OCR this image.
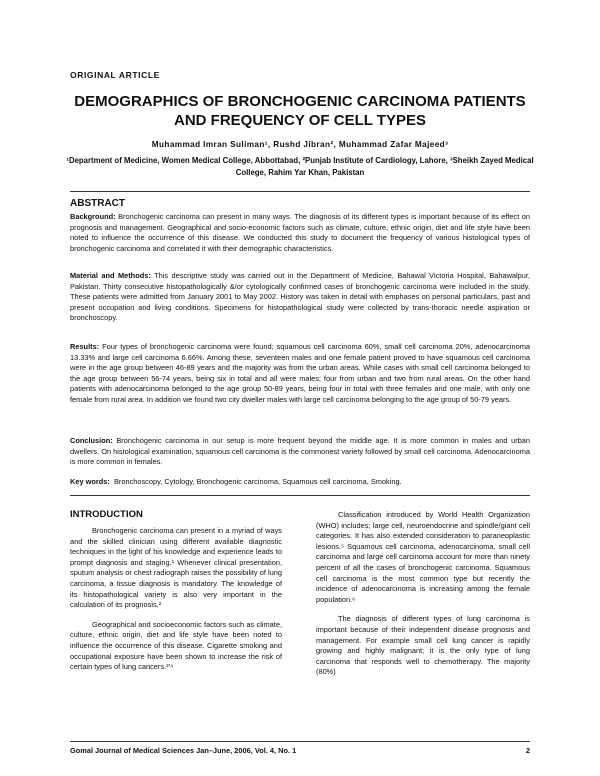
ORIGINAL ARTICLE
DEMOGRAPHICS OF BRONCHOGENIC CARCINOMA PATIENTS AND FREQUENCY OF CELL TYPES
Muhammad Imran Suliman¹, Rushd Jibran², Muhammad Zafar Majeed³
¹Department of Medicine, Women Medical College, Abbottabad, ²Punjab Institute of Cardiology, Lahore, ³Sheikh Zayed Medical College, Rahim Yar Khan, Pakistan
ABSTRACT
Background: Bronchogenic carcinoma can present in many ways. The diagnosis of its different types is important because of its effect on prognosis and management. Geographical and socio-economic factors such as climate, culture, ethnic origin, diet and life style have been noted to influence the occurrence of this disease. We conducted this study to document the frequency of various histological types of bronchogenic carcinoma and correlated it with their demographic characteristics.
Material and Methods: This descriptive study was carried out in the Department of Medicine, Bahawal Victoria Hospital, Bahawalpur, Pakistan. Thirty consecutive histopathologically &/or cytologically confirmed cases of bronchogenic carcinoma were included in the study. These patients were admitted from January 2001 to May 2002. History was taken in detail with emphases on personal particulars, past and present occupation and living conditions. Specimens for histopathological study were collected by trans-thoracic needle aspiration or bronchoscopy.
Results: Four types of bronchogenic carcinoma were found; squamous cell carcinoma 60%, small cell carcinoma 20%, adenocarcinoma 13.33% and large cell carcinoma 6.66%. Among these, seventeen males and one female patient proved to have squamous cell carcinoma were in the age group between 46-89 years and the majority was from the urban areas. While cases with small cell carcinoma belonged to the age group between 56-74 years, being six in total and all were males; four from urban and two from rural areas. On the other hand patients with adenocarcinoma belonged to the age group 50-89 years, being four in total with three females and one male, with only one female from rural area. In addition we found two city dweller males with large cell carcinoma belonging to the age group of 50-79 years.
Conclusion: Bronchogenic carcinoma in our setup is more frequent beyond the middle age. It is more common in males and urban dwellers. On histological examination, squamous cell carcinoma is the commonest variety followed by small cell carcinoma. Adenocarcinoma is more common in females.
Key words: Bronchoscopy, Cytology, Bronchogenic carcinoma, Squamous cell carcinoma, Smoking.
INTRODUCTION

Bronchogenic carcinoma can present in a myriad of ways and the skilled clinician using different available diagnostic techniques in the light of his knowledge and experience leads to prompt diagnosis and staging.¹ Whenever clinical presentation, sputum analysis or chest radiograph raises the possibility of lung carcinoma, a tissue diagnosis is mandatory. The knowledge of its histopathological variety is also very important in the calculation of its prognosis.²

Geographical and socioeconomic factors such as climate, culture, ethnic origin, diet and life style have been noted to influence the occurrence of this disease. Cigarette smoking and occupational exposure have been shown to increase the risk of certain types of lung cancers.³'⁴

Classification introduced by World Health Organization (WHO) includes; large cell, neuroendocrine and spindle/giant cell categories. It has also extended consideration to paraneoplastic lesions.⁵ Squamous cell carcinoma, adenocarcinoma, small cell carcinoma and large cell carcinoma account for more than ninety percent of all the cases of bronchogenic carcinoma. Squamous cell carcinoma is the most common type but recently the incidence of adenocarcinoma is increasing among the female population.⁶

The diagnosis of different types of lung carcinoma is important because of their independent disease prognosis and management. For example small cell lung cancer is rapidly growing and highly malignant; it is the only type of lung carcinoma that responds well to chemotherapy. The majority (80%)

Gomal Journal of Medical Sciences Jan–June, 2006, Vol. 4, No. 1	2
